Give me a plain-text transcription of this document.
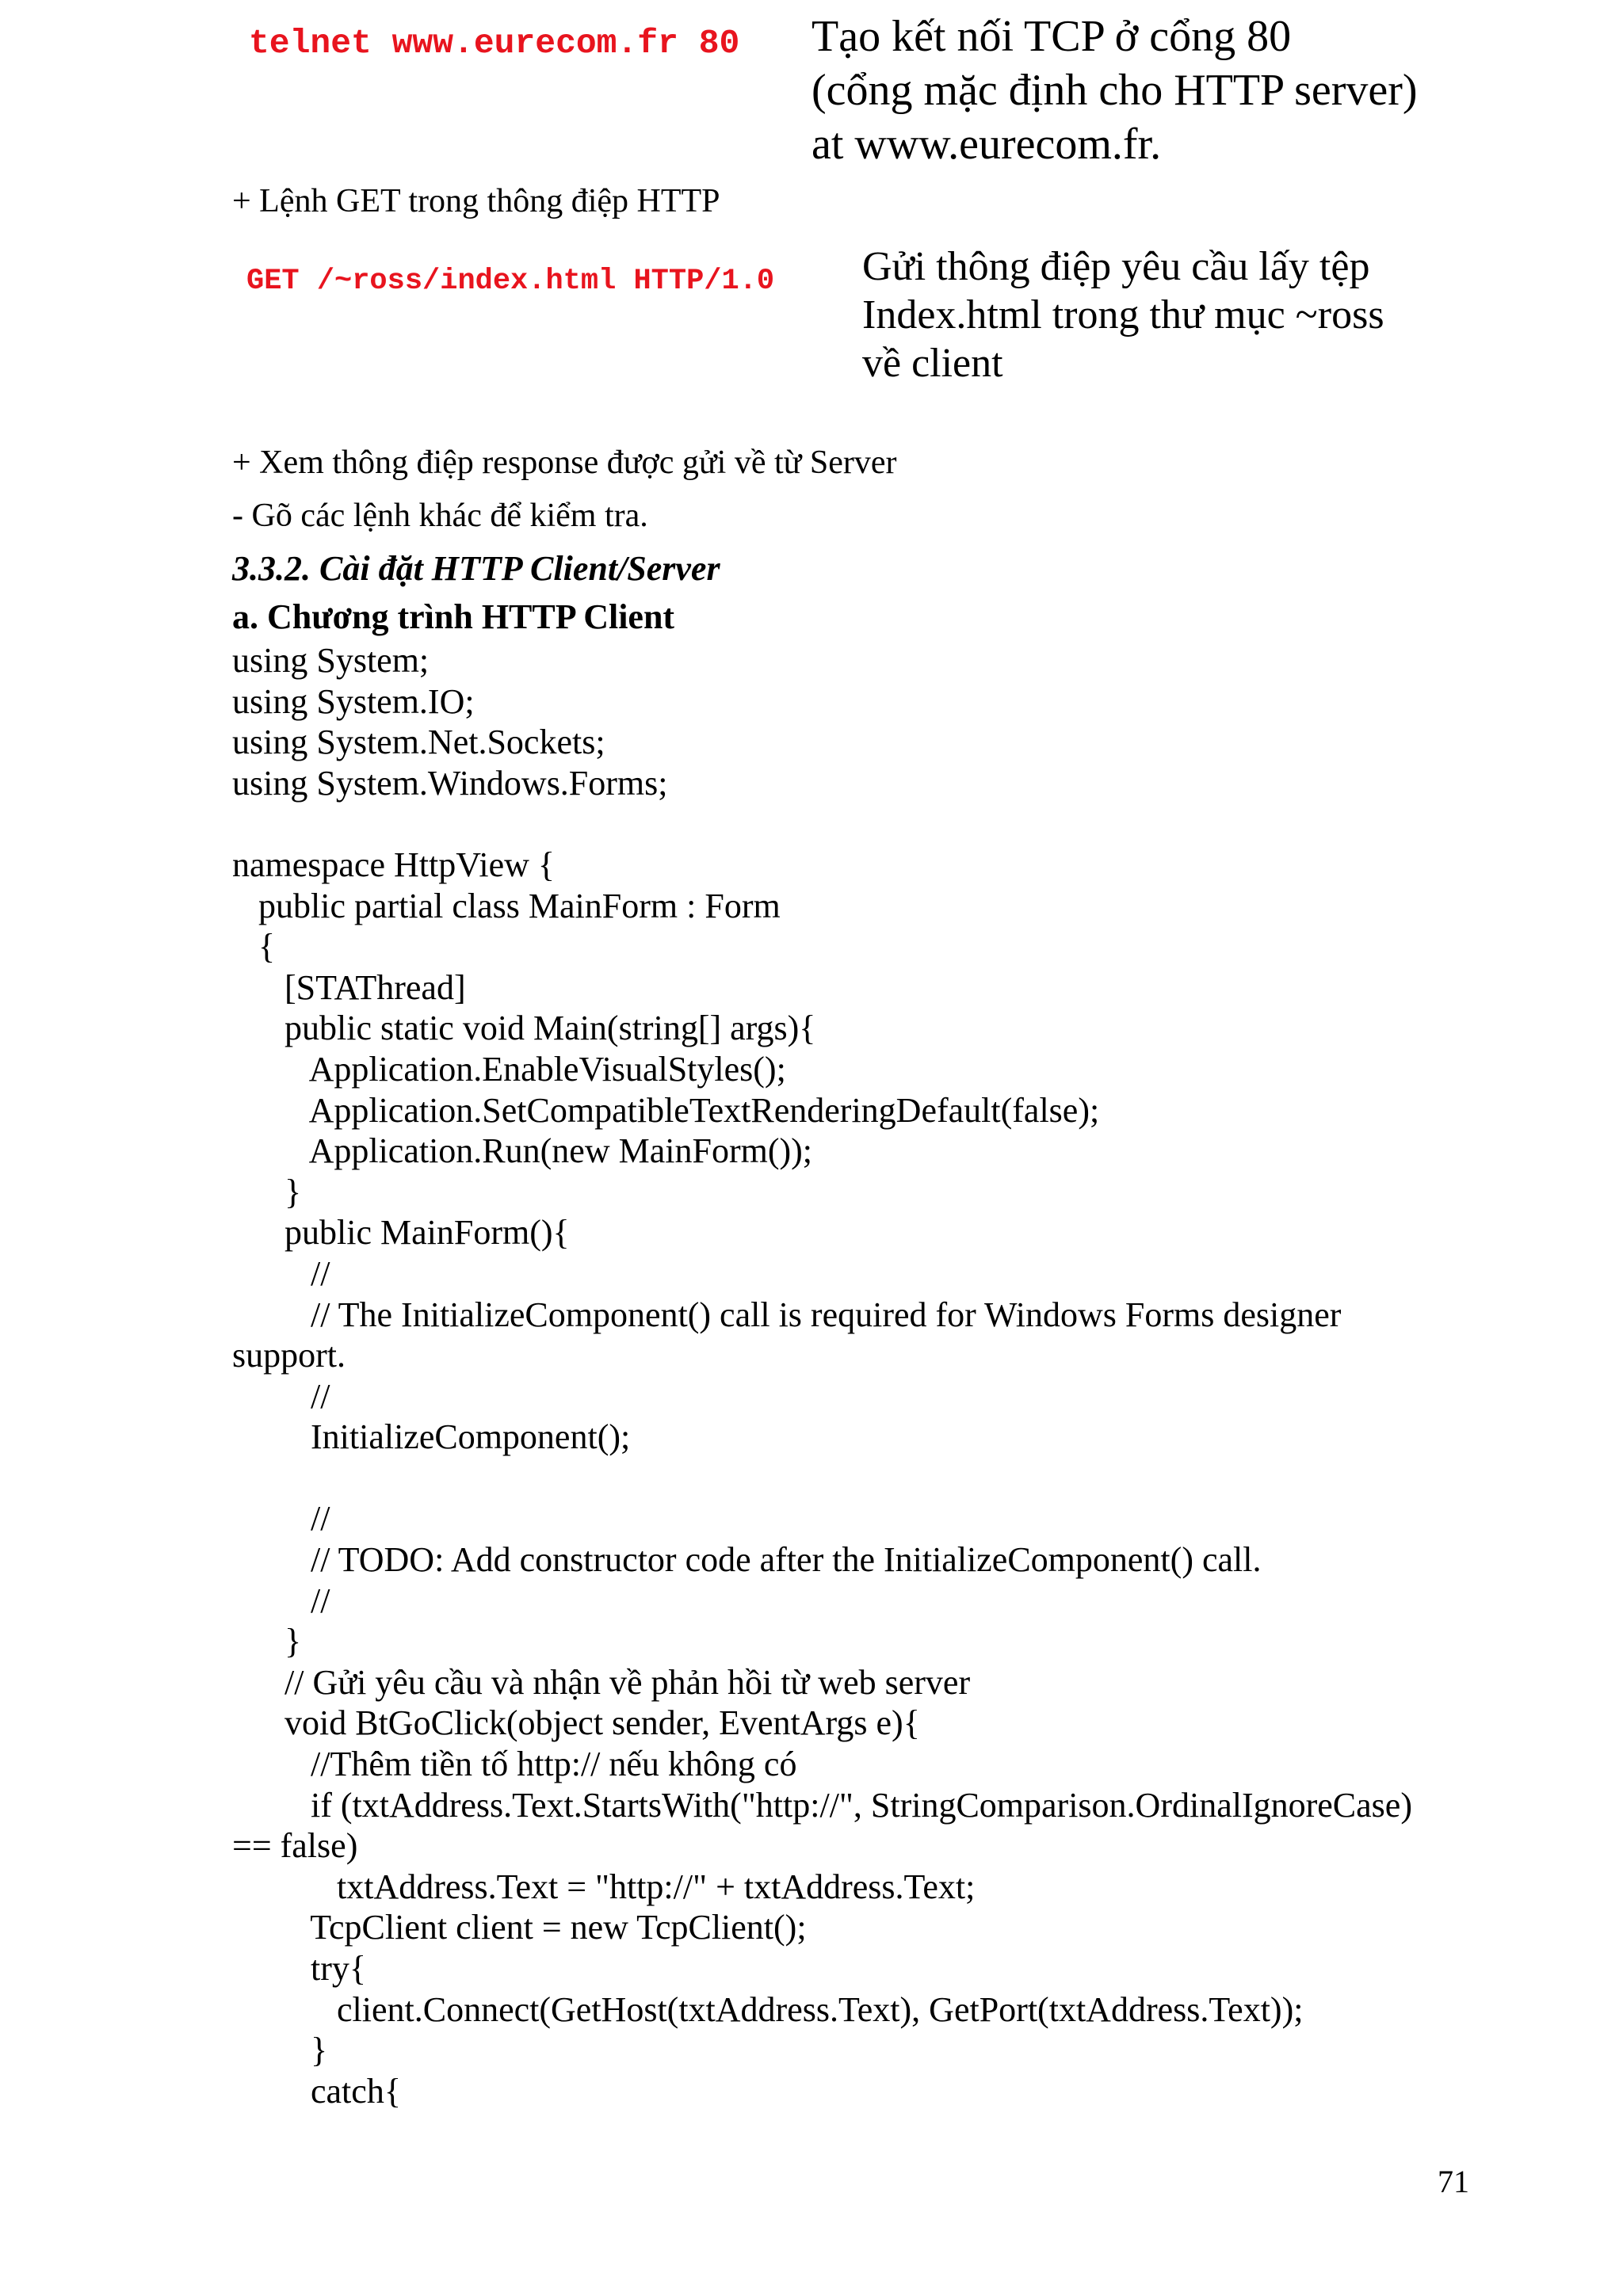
telnet www.eurecom.fr 80 Tạo kết nối TCP ở cổng 80
(cổng mặc định cho HTTP server)
at www.eurecom.fr.
+ Lệnh GET trong thông điệp HTTP
GET /~ross/index.html HTTP/1.0 Gửi thông điệp yêu cầu lấy tệp
Index.html trong thư mục ~ross
về client
+ Xem thông điệp response được gửi về từ Server
- Gõ các lệnh khác để kiểm tra.
3.3.2. Cài đặt HTTP Client/Server
a. Chương trình HTTP Client
using System;
using System.IO;
using System.Net.Sockets;
using System.Windows.Forms;
namespace HttpView {
public partial class MainForm : Form
{
[STAThread]
public static void Main(string[] args){
Application.EnableVisualStyles();
Application.SetCompatibleTextRenderingDefault(false);
Application.Run(new MainForm());
}
public MainForm(){
//
// The InitializeComponent() call is required for Windows Forms designer
support.
//
InitializeComponent();
//
// TODO: Add constructor code after the InitializeComponent() call.
//
}
// Gửi yêu cầu và nhận về phản hồi từ web server
void BtGoClick(object sender, EventArgs e){
//Thêm tiền tố http:// nếu không có
if (txtAddress.Text.StartsWith("http://", StringComparison.OrdinalIgnoreCase)
== false)
txtAddress.Text = "http://" + txtAddress.Text;
TcpClient client = new TcpClient();
try{
client.Connect(GetHost(txtAddress.Text), GetPort(txtAddress.Text));
}
catch{
71
